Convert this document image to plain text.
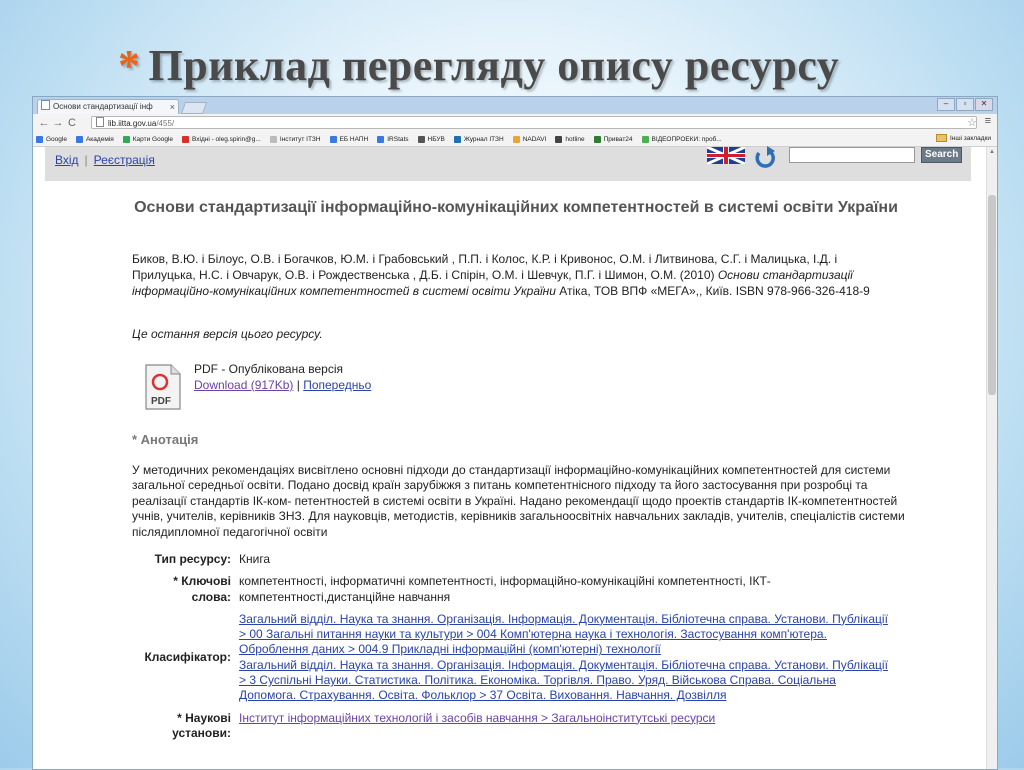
* Приклад перегляду опису ресурсу
Основи стандартизації інф ×	–	▫	✕
← → C	lib.iitta.gov.ua/455/	☆ ≡
Google	Академія	Карти Google	Вхідні - oleg.spirin@g...	Інститут ІТЗН	ЕБ НАПН	IRStats	НБУВ	Журнал ІТЗН	NADAVI	hotline	Приват24	ВІДЕОПРОЕКИ: проб...	Інші закладки
Вхід | Реєстрація	Search
Основи стандартизації інформаційно-комунікаційних компетентностей в системі освіти України
Биков, В.Ю. і Білоус, О.В. і Богачков, Ю.М. і Грабовський , П.П. і Колос, К.Р. і Кривонос, О.М. і Литвинова, С.Г. і Малицька, І.Д. і Прилуцька, Н.С. і Овчарук, О.В. і Рождественська , Д.Б. і Спірін, О.М. і Шевчук, П.Г. і Шимон, О.М. (2010) Основи стандартизації інформаційно-комунікаційних компетентностей в системі освіти України Атіка, ТОВ ВПФ «МЕГА»,, Київ. ISBN 978-966-326-418-9
Це остання версія цього ресурсу.
PDF
PDF - Опублікована версія
Download (917Kb) | Попередньо
* Анотація
У методичних рекомендаціях висвітлено основні підходи до стандартизації інформаційно-комунікаційних компетентностей для системи загальної середньої освіти. Подано досвід країн зарубіжжя з питань компетентнісного підходу та його застосування при розробці та реалізації стандартів ІК-ком- петентностей в системі освіти в Україні. Надано рекомендації щодо проектів стандартів ІК-компетентностей учнів, учителів, керівників ЗНЗ. Для науковців, методистів, керівників загальноосвітніх навчальних закладів, учителів, спеціалістів системи післядипломної педагогічної освіти
Тип ресурсу: Книга
* Ключові слова:
компетентності, інформатичні компетентності, інформаційно-комунікаційні компетентності, ІКТ-компетентності,дистанційне навчання
Класифікатор:
Загальний відділ. Наука та знання. Організація. Інформація. Документація. Бібліотечна справа. Установи. Публікації > 00 Загальні питання науки та культури > 004 Комп'ютерна наука і технологія. Застосування комп'ютера. Оброблення даних > 004.9 Прикладні інформаційні (комп'ютерні) технології
Загальний відділ. Наука та знання. Організація. Інформація. Документація. Бібліотечна справа. Установи. Публікації > 3 Суспільні Науки. Статистика. Політика. Економіка. Торгівля. Право. Уряд. Військова Справа. Соціальна Допомога. Страхування. Освіта. Фольклор > 37 Освіта. Виховання. Навчання. Дозвілля
* Наукові установи:
Інститут інформаційних технологій і засобів навчання > Загальноінститутські ресурси
▲
